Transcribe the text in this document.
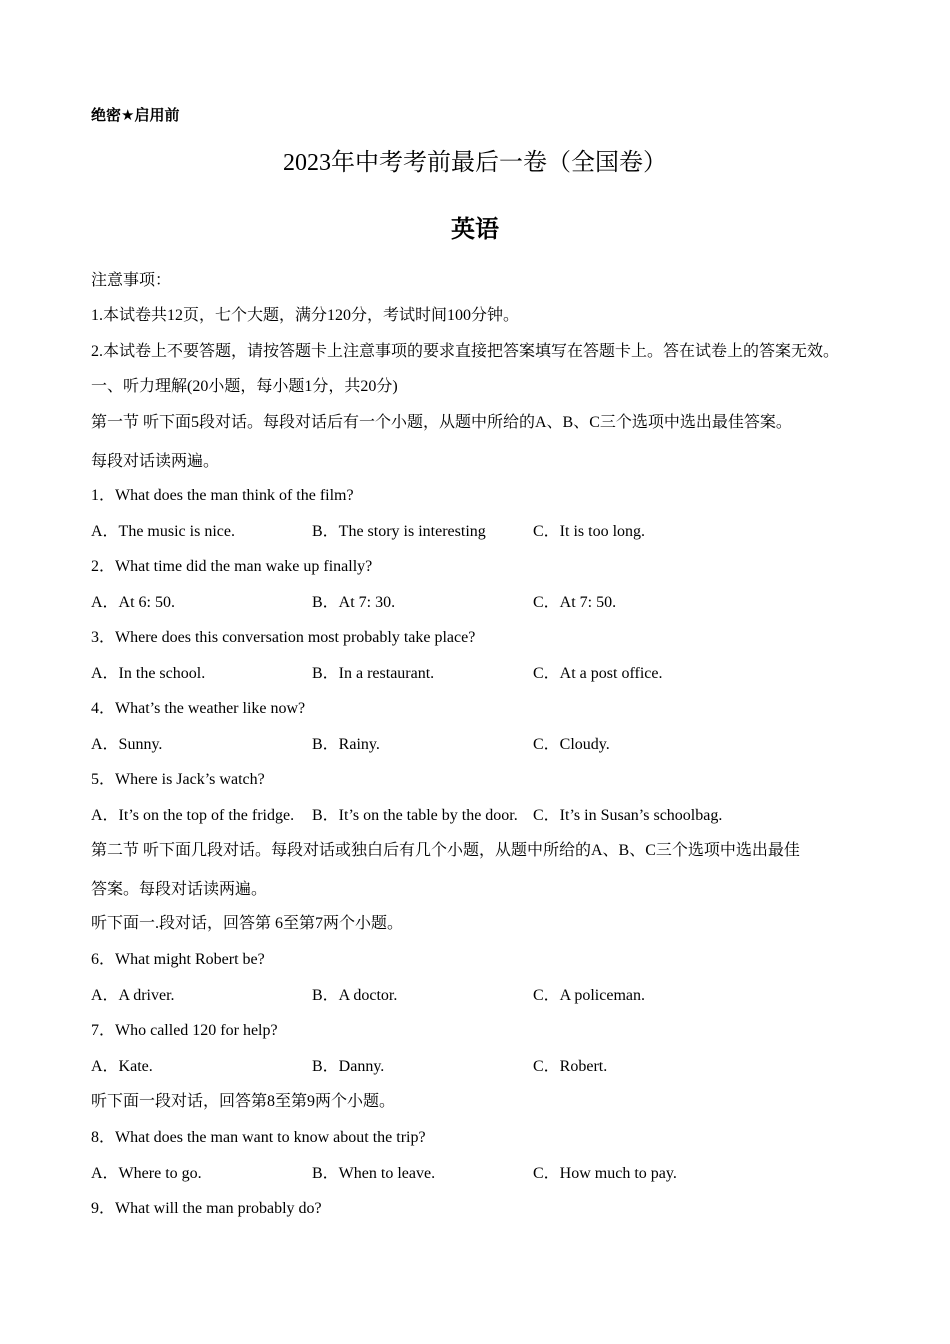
绝密★启用前
2023年中考考前最后一卷（全国卷）
英语
注意事项：
1.本试卷共12页，七个大题，满分120分，考试时间100分钟。
2.本试卷上不要答题，请按答题卡上注意事项的要求直接把答案填写在答题卡上。答在试卷上的答案无效。
一、听力理解(20小题，每小题1分，共20分)
第一节 听下面5段对话。每段对话后有一个小题，从题中所给的A、B、C三个选项中选出最佳答案。
每段对话读两遍。
1．What does the man think of the film?
A．The music is nice.	B．The story is interesting	C．It is too long.
2．What time did the man wake up finally?
A．At 6: 50.	B．At 7: 30.	C．At 7: 50.
3．Where does this conversation most probably take place?
A．In the school.	B．In a restaurant.	C．At a post office.
4．What’s the weather like now?
A．Sunny.	B．Rainy.	C．Cloudy.
5．Where is Jack’s watch?
A．It’s on the top of the fridge. B．It’s on the table by the door. C．It’s in Susan’s schoolbag.
第二节 听下面几段对话。每段对话或独白后有几个小题，从题中所给的A、B、C三个选项中选出最佳
答案。每段对话读两遍。
听下面一.段对话，回答第 6至第7两个小题。
6．What might Robert be?
A．A driver.	B．A doctor.	C．A policeman.
7．Who called 120 for help?
A．Kate.	B．Danny.	C．Robert.
听下面一段对话，回答第8至第9两个小题。
8．What does the man want to know about the trip?
A．Where to go.	B．When to leave.	C．How much to pay.
9．What will the man probably do?
